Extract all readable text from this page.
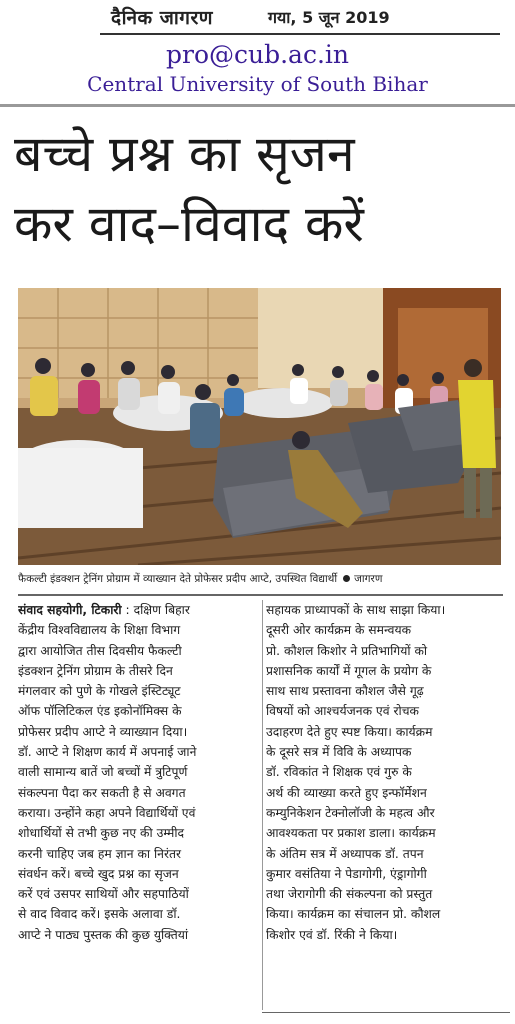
दैनिक जागरण	गया, 5 जून 2019
pro@cub.ac.in
Central University of South Bihar
बच्चे प्रश्न का सृजन
कर वाद–विवाद करें
फैकल्टी इंडक्शन ट्रेनिंग प्रोग्राम में व्याख्यान देते प्रोफेसर प्रदीप आप्टे, उपस्थित विद्यार्थी जागरण
संवाद सहयोगी, टिकारी : दक्षिण बिहार
केंद्रीय विश्वविद्यालय के शिक्षा विभाग
द्वारा आयोजित तीस दिवसीय फैकल्टी
इंडक्शन ट्रेनिंग प्रोग्राम के तीसरे दिन
मंगलवार को पुणे के गोखले इंस्टिट्यूट
ऑफ पॉलिटिकल एंड इकोनॉमिक्स के
प्रोफेसर प्रदीप आप्टे ने व्याख्यान दिया।
डॉ. आप्टे ने शिक्षण कार्य में अपनाई जाने
वाली सामान्य बातें जो बच्चों में त्रुटिपूर्ण
संकल्पना पैदा कर सकती है से अवगत
कराया। उन्होंने कहा अपने विद्यार्थियों एवं
शोधार्थियों से तभी कुछ नए की उम्मीद
करनी चाहिए जब हम ज्ञान का निरंतर
संवर्धन करें। बच्चे खुद प्रश्न का सृजन
करें एवं उसपर साथियों और सहपाठियों
से वाद विवाद करें। इसके अलावा डॉ.
आप्टे ने पाठ्य पुस्तक की कुछ युक्तियां
सहायक प्राध्यापकों के साथ साझा किया।
दूसरी ओर कार्यक्रम के समन्वयक
प्रो. कौशल किशोर ने प्रतिभागियों को
प्रशासनिक कार्यों में गूगल के प्रयोग के
साथ साथ प्रस्तावना कौशल जैसे गूढ़
विषयों को आश्चर्यजनक एवं रोचक
उदाहरण देते हुए स्पष्ट किया। कार्यक्रम
के दूसरे सत्र में विवि के अध्यापक
डॉ. रविकांत ने शिक्षक एवं गुरु के
अर्थ की व्याख्या करते हुए इन्फॉर्मेशन
कम्युनिकेशन टेक्नोलॉजी के महत्व और
आवश्यकता पर प्रकाश डाला। कार्यक्रम
के अंतिम सत्र में अध्यापक डॉ. तपन
कुमार वसंतिया ने पेडागोगी, एंड्रागोगी
तथा जेरागोगी की संकल्पना को प्रस्तुत
किया। कार्यक्रम का संचालन प्रो. कौशल
किशोर एवं डॉ. रिंकी ने किया।
